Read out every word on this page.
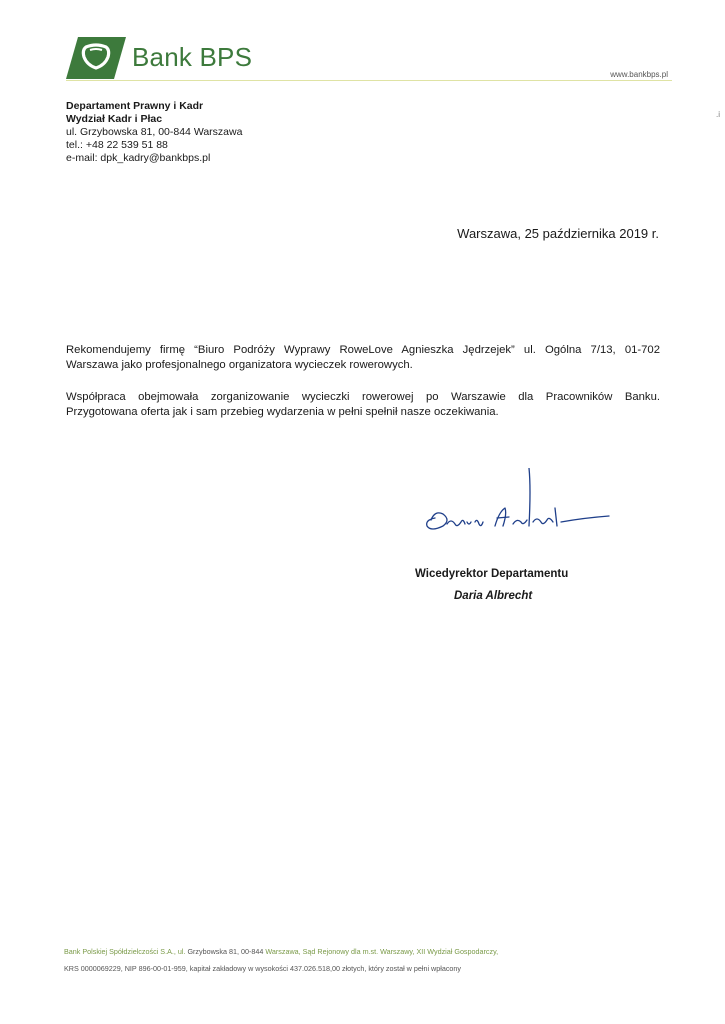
Bank BPS
www.bankbps.pl
Departament Prawny i Kadr
Wydział Kadr i Płac
ul. Grzybowska 81, 00-844 Warszawa
tel.: +48 22 539 51 88
e-mail: dpk_kadry@bankbps.pl
Warszawa, 25 października 2019 r.
Rekomendujemy firmę “Biuro Podróży Wyprawy RoweLove Agnieszka Jędrzejek” ul. Ogólna 7/13, 01-702
Warszawa jako profesjonalnego organizatora wycieczek rowerowych.
Współpraca obejmowała zorganizowanie wycieczki rowerowej po Warszawie dla Pracowników Banku.
Przygotowana oferta jak i sam przebieg wydarzenia w pełni spełnił nasze oczekiwania.
Wicedyrektor Departamentu
Daria Albrecht
.i
Bank Polskiej Spółdzielczości S.A., ul. Grzybowska 81, 00-844 Warszawa, Sąd Rejonowy dla m.st. Warszawy, XII Wydział Gospodarczy,
KRS 0000069229, NIP 896-00-01-959, kapitał zakładowy w wysokości 437.026.518,00 złotych, który został w pełni wpłacony
